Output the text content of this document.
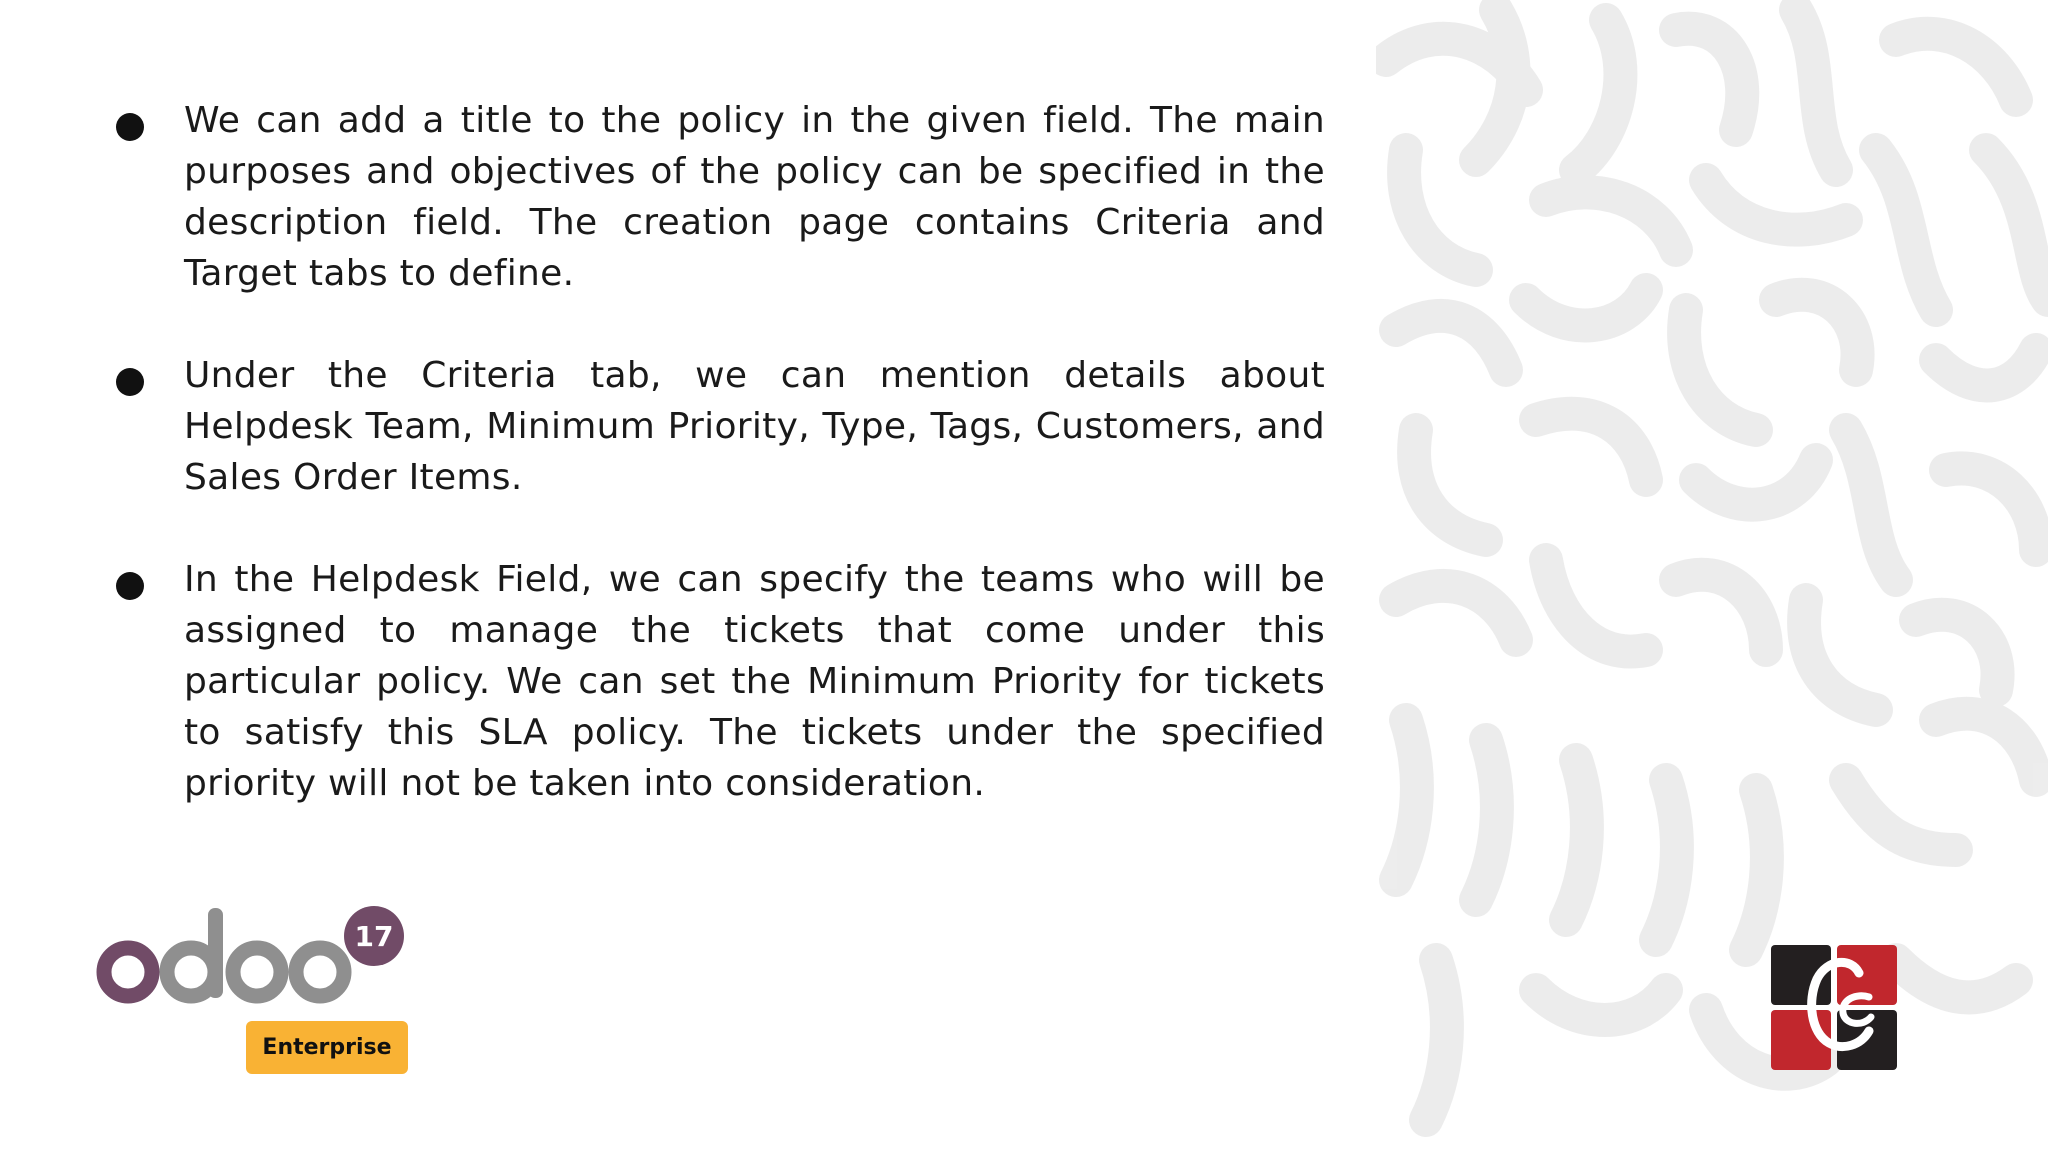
We can add a title to the policy in the given field. The main purposes and objectives of the policy can be specified in the description field. The creation page contains Criteria and Target tabs to define.

Under the Criteria tab, we can mention details about Helpdesk Team, Minimum Priority, Type, Tags, Customers, and Sales Order Items.

In the Helpdesk Field, we can specify the teams who will be assigned to manage the tickets that come under this particular policy. We can set the Minimum Priority for tickets to satisfy this SLA policy. The tickets under the specified priority will not be taken into consideration.

17
Enterprise
